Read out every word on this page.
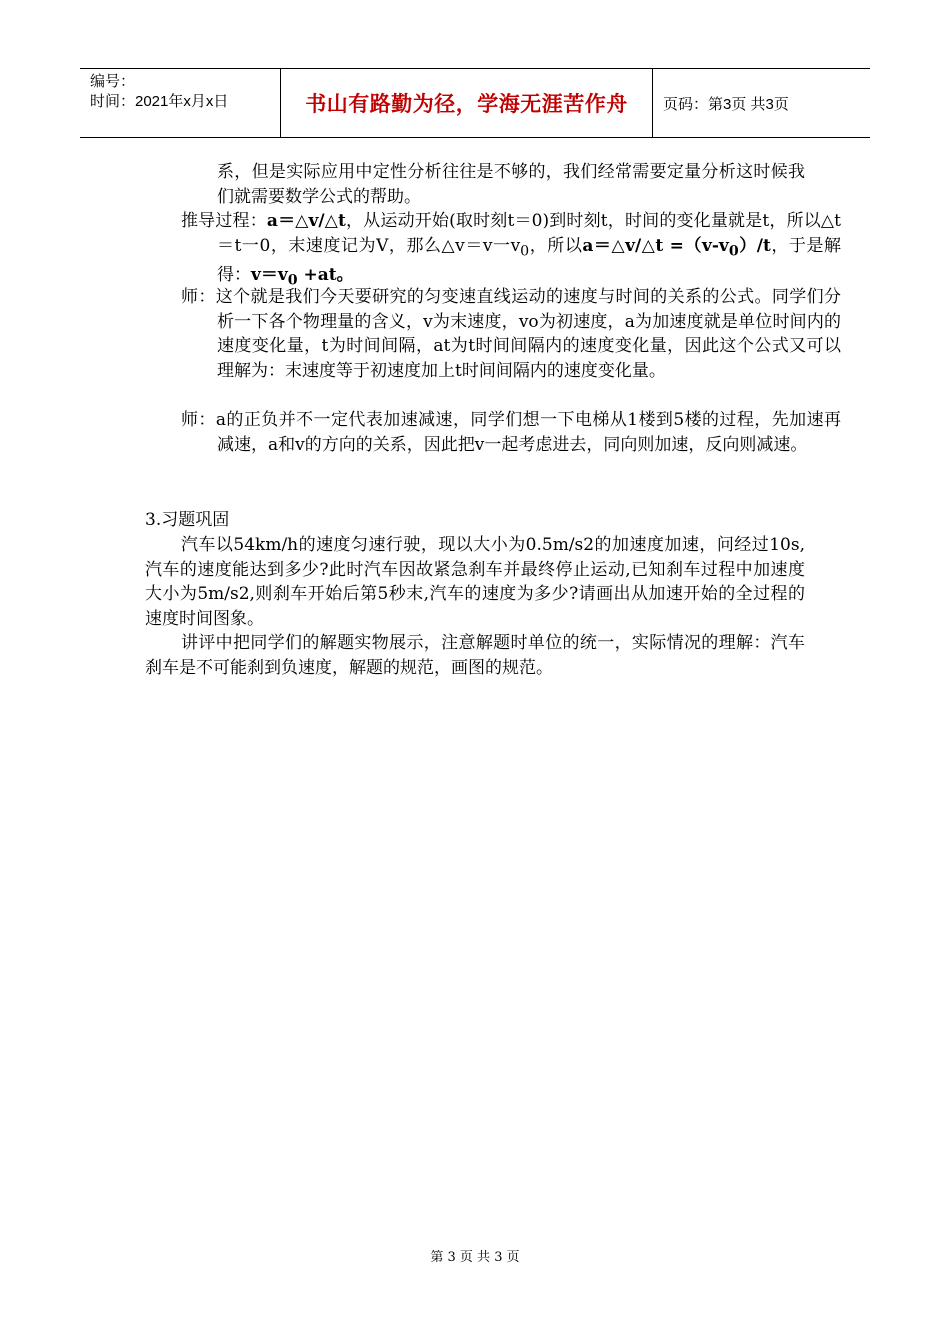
编号：
时间：2021年x月x日	书山有路勤为径，学海无涯苦作舟 页码：第3页 共3页
系，但是实际应用中定性分析往往是不够的，我们经常需要定量分析这时候我们就需要数学公式的帮助。
推导过程：a＝△v/△t，从运动开始(取时刻t＝0)到时刻t，时间的变化量就是t，所以△t＝t一0，末速度记为V，那么△v＝v一$v_0$，所以a＝△v/△t $=(v-v_0)/t$，于是解得：$v=v_0 +at$。
师：这个就是我们今天要研究的匀变速直线运动的速度与时间的关系的公式。同学们分析一下各个物理量的含义，v为末速度，vo为初速度，a为加速度就是单位时间内的速度变化量，t为时间间隔，at为t时间间隔内的速度变化量，因此这个公式又可以理解为：末速度等于初速度加上t时间间隔内的速度变化量。
师：a的正负并不一定代表加速减速，同学们想一下电梯从1楼到5楼的过程，先加速再减速，a和v的方向的关系，因此把v一起考虑进去，同向则加速，反向则减速。
3.习题巩固
汽车以54km/h的速度匀速行驶，现以大小为0.5m/s2的加速度加速，问经过10s,汽车的速度能达到多少?此时汽车因故紧急刹车并最终停止运动,已知刹车过程中加速度大小为5m/s2,则刹车开始后第5秒末,汽车的速度为多少?请画出从加速开始的全过程的速度时间图象。
讲评中把同学们的解题实物展示，注意解题时单位的统一，实际情况的理解：汽车刹车是不可能刹到负速度，解题的规范，画图的规范。
第 3 页 共 3 页
